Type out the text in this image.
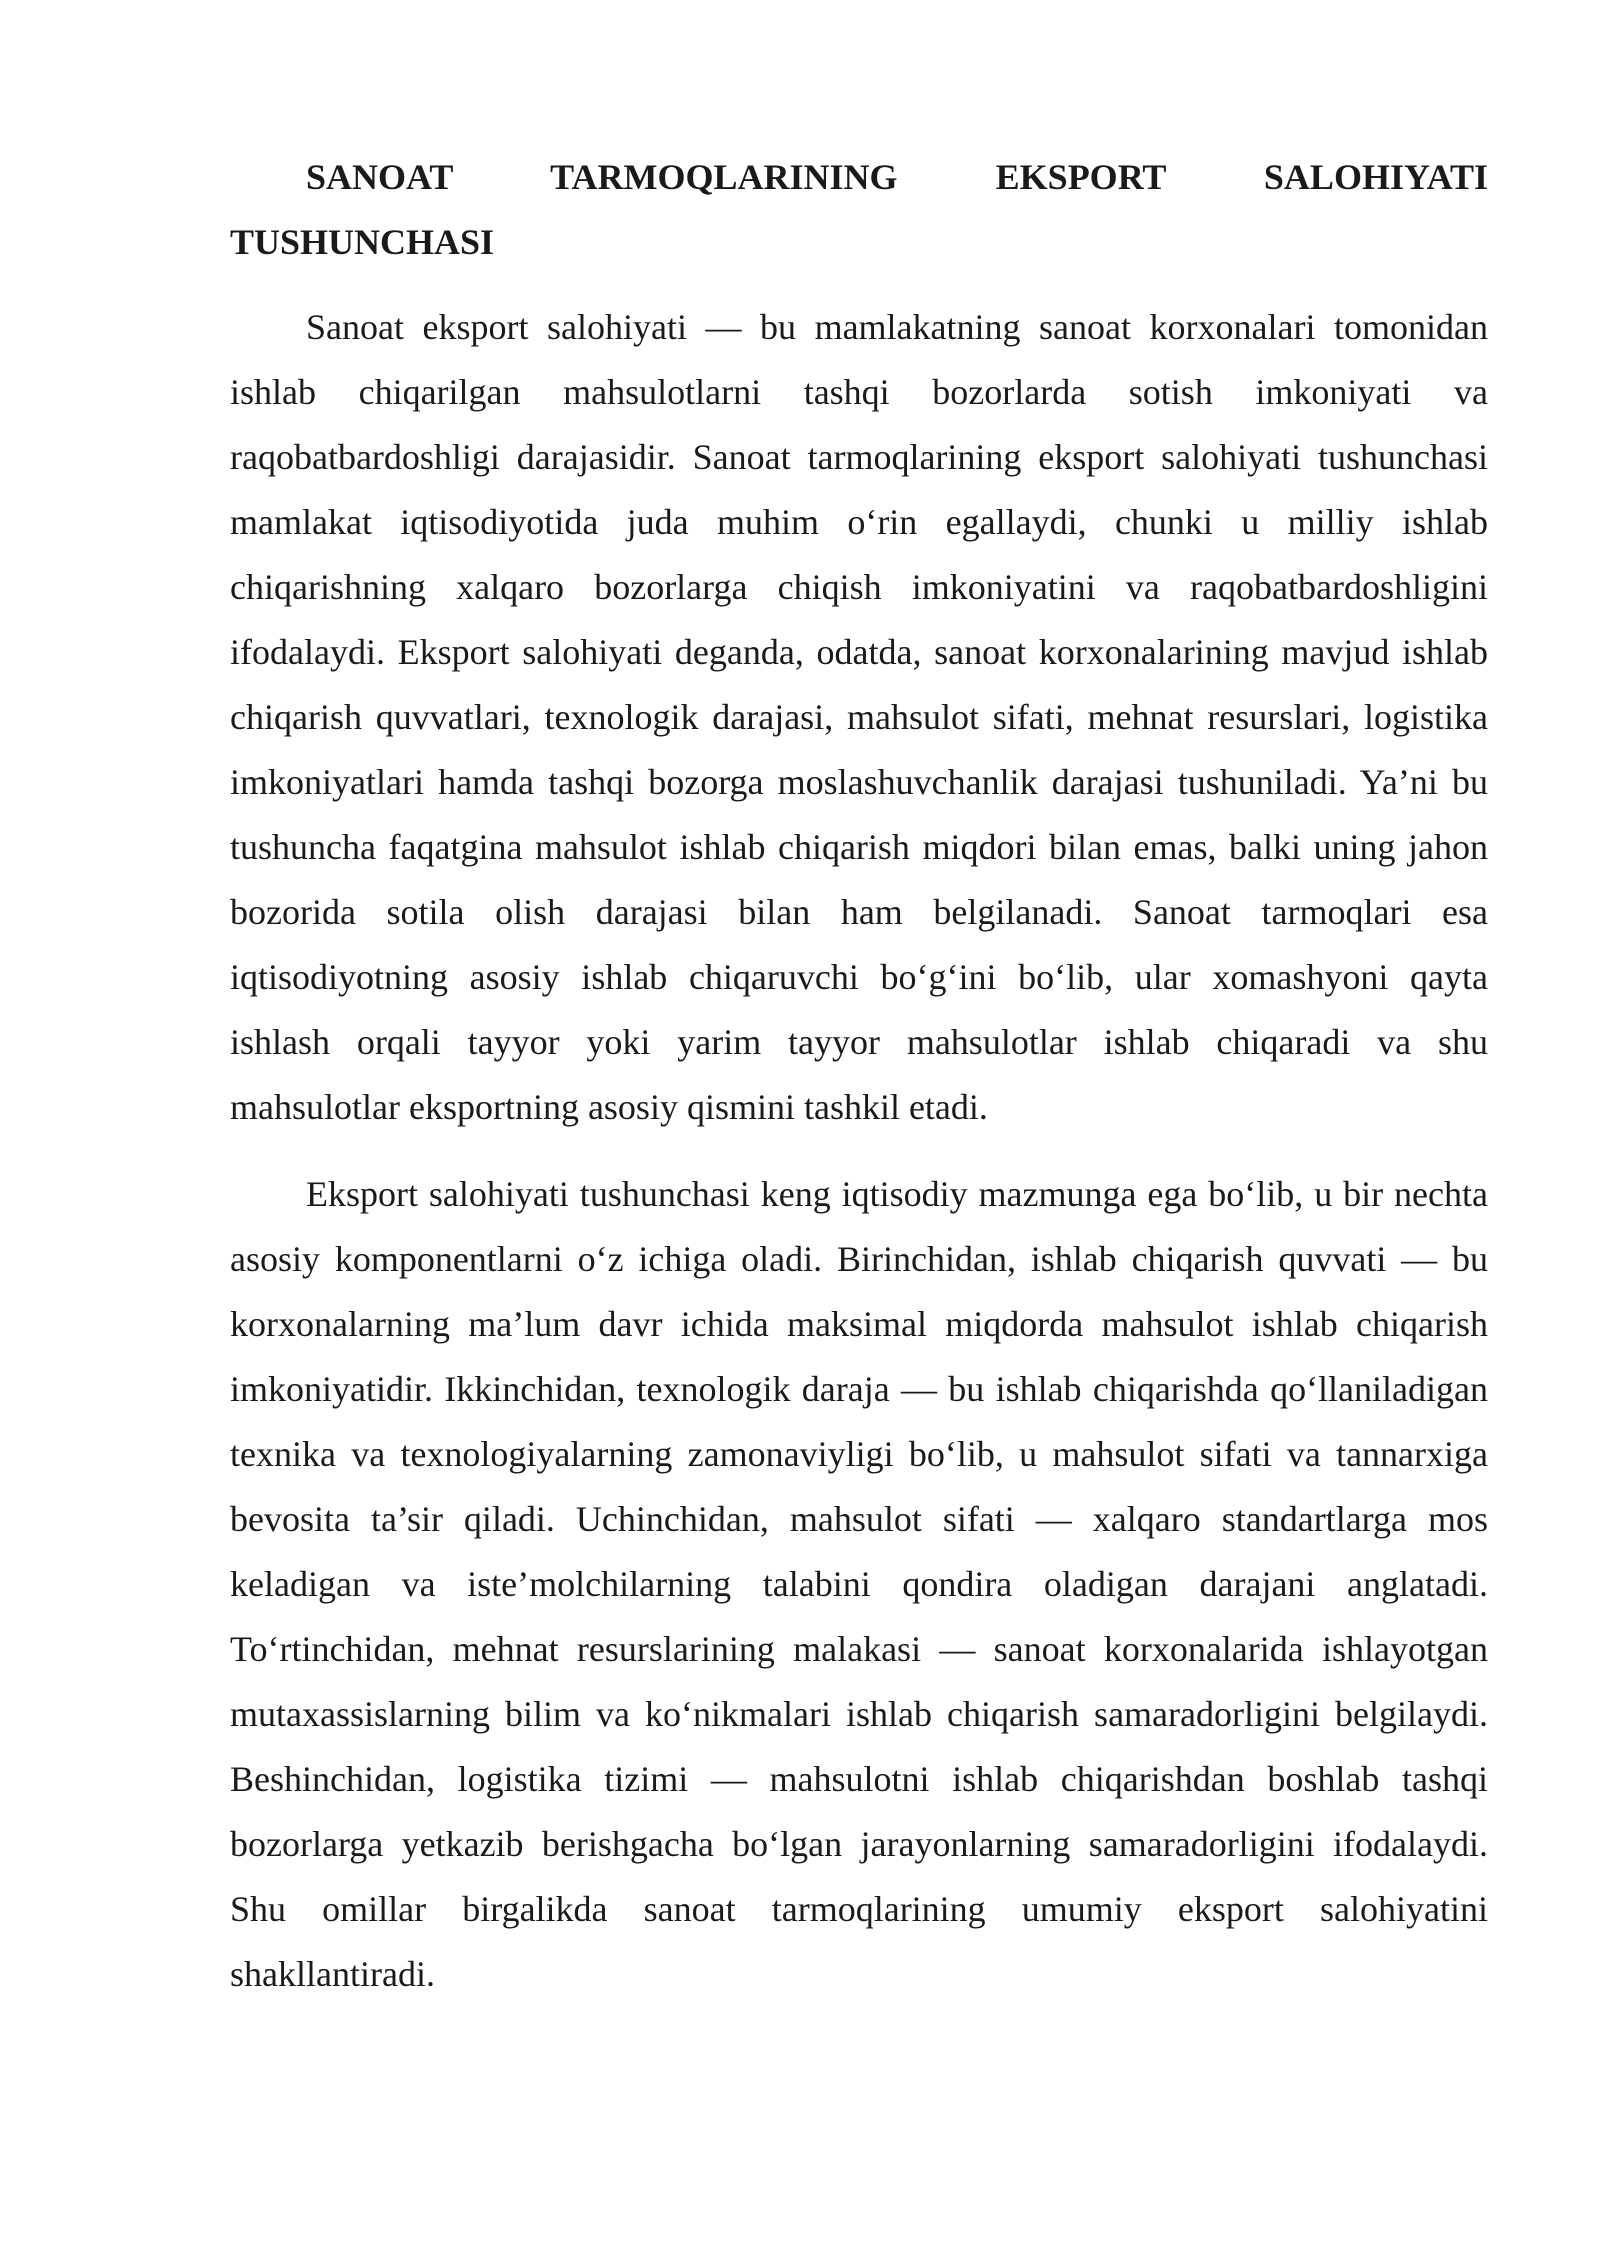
SANOAT TARMOQLARINING EKSPORT SALOHIYATI TUSHUNCHASI

Sanoat eksport salohiyati — bu mamlakatning sanoat korxonalari tomonidan ishlab chiqarilgan mahsulotlarni tashqi bozorlarda sotish imkoniyati va raqobatbardoshligi darajasidir. Sanoat tarmoqlarining eksport salohiyati tushunchasi mamlakat iqtisodiyotida juda muhim oʻrin egallaydi, chunki u milliy ishlab chiqarishning xalqaro bozorlarga chiqish imkoniyatini va raqobatbardoshligini ifodalaydi. Eksport salohiyati deganda, odatda, sanoat korxonalarining mavjud ishlab chiqarish quvvatlari, texnologik darajasi, mahsulot sifati, mehnat resurslari, logistika imkoniyatlari hamda tashqi bozorga moslashuvchanlik darajasi tushuniladi. Ya’ni bu tushuncha faqatgina mahsulot ishlab chiqarish miqdori bilan emas, balki uning jahon bozorida sotila olish darajasi bilan ham belgilanadi. Sanoat tarmoqlari esa iqtisodiyotning asosiy ishlab chiqaruvchi boʻgʻini boʻlib, ular xomashyoni qayta ishlash orqali tayyor yoki yarim tayyor mahsulotlar ishlab chiqaradi va shu mahsulotlar eksportning asosiy qismini tashkil etadi.

Eksport salohiyati tushunchasi keng iqtisodiy mazmunga ega boʻlib, u bir nechta asosiy komponentlarni oʻz ichiga oladi. Birinchidan, ishlab chiqarish quvvati — bu korxonalarning ma’lum davr ichida maksimal miqdorda mahsulot ishlab chiqarish imkoniyatidir. Ikkinchidan, texnologik daraja — bu ishlab chiqarishda qoʻllaniladigan texnika va texnologiyalarning zamonaviyligi boʻlib, u mahsulot sifati va tannarxiga bevosita ta’sir qiladi. Uchinchidan, mahsulot sifati — xalqaro standartlarga mos keladigan va iste’molchilarning talabini qondira oladigan darajani anglatadi. Toʻrtinchidan, mehnat resurslarining malakasi — sanoat korxonalarida ishlayotgan mutaxassislarning bilim va koʻnikmalari ishlab chiqarish samaradorligini belgilaydi. Beshinchidan, logistika tizimi — mahsulotni ishlab chiqarishdan boshlab tashqi bozorlarga yetkazib berishgacha boʻlgan jarayonlarning samaradorligini ifodalaydi. Shu omillar birgalikda sanoat tarmoqlarining umumiy eksport salohiyatini shakllantiradi.
